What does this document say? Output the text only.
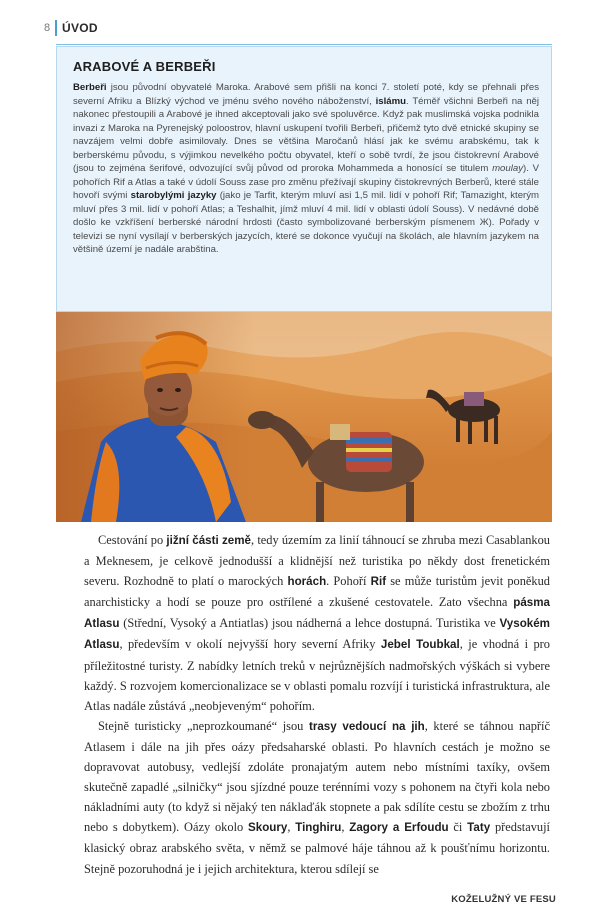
8 ÚVOD
ARABOVÉ A BERBEŘI

Berbeři jsou původní obyvatelé Maroka. Arabové sem přišli na konci 7. století poté, kdy se přehnali přes severní Afriku a Blízký východ ve jménu svého nového náboženství, islámu. Téměř všichni Berbeři na něj nakonec přestoupili a Arabové je ihned akceptovali jako své spoluvěrce. Když pak muslimská vojska podnikla invazi z Maroka na Pyrenejský poloostrov, hlavní uskupení tvořili Berbeři, přičemž tyto dvě etnické skupiny se navzájem velmi dobře asimilovaly. Dnes se většina Maročanů hlásí jak ke svému arabskému, tak k berberskému původu, s výjimkou nevelkého počtu obyvatel, kteří o sobě tvrdí, že jsou čistokrevní Arabové (jsou to zejména šerifové, odvozující svůj původ od proroka Mohammeda a honosící se titulem moulay). V pohořích Rif a Atlas a také v údolí Souss zase pro změnu přežívají skupiny čistokrevných Berberů, které stále hovoří svými starobylými jazyky (jako je Tarfit, kterým mluví asi 1,5 mil. lidí v pohoří Rif; Tamazight, kterým mluví přes 3 mil. lidí v pohoří Atlas; a Teshalhit, jímž mluví 4 mil. lidí v oblasti údolí Souss). V nedávné době došlo ke vzkříšení berberské národní hrdosti (často symbolizované berberským písmenem Ж). Pořady v televizi se nyní vysílají v berberských jazycích, které se dokonce vyučují na školách, ale hlavním jazykem na většině území je nadále arabština.

Cestování po jižní části země, tedy územím za linií táhnoucí se zhruba mezi Casablankou a Meknesem, je celkově jednodušší a klidnější než turistika po někdy dost frenetickém severu. Rozhodně to platí o marockých horách. Pohoří Rif se může turistům jevit poněkud anarchisticky a hodí se pouze pro ostřílené a zkušené cestovatele. Zato všechna pásma Atlasu (Střední, Vysoký a Antiatlas) jsou nádherná a lehce dostupná. Turistika ve Vysokém Atlasu, především v okolí nejvyšší hory severní Afriky Jebel Toubkal, je vhodná i pro příležitostné turisty. Z nabídky letních treků v nejrůznějších nadmořských výškách si vybere každý. S rozvojem komercionalizace se v oblasti pomalu rozvíjí i turistická infrastruktura, ale Atlas nadále zůstává „neobjeveným“ pohořím.

Stejně turisticky „neprozkoumané“ jsou trasy vedoucí na jih, které se táhnou napříč Atlasem i dále na jih přes oázy předsaharské oblasti. Po hlavních cestách je možno se dopravovat autobusy, vedlejší zdoláte pronajatým autem nebo místními taxíky, ovšem skutečně zapadlé „silničky“ jsou sjízdné pouze terénními vozy s pohonem na čtyři kola nebo nákladními auty (to když si nějaký ten náklaďák stopnete a pak sdílíte cestu se zbožím z trhu nebo s dobytkem). Oázy okolo Skoury, Tinghiru, Zagory a Erfoudu či Taty představují klasický obraz arabského světa, v němž se palmové háje táhnou až k poušťnímu horizontu. Stejně pozoruhodná je i jejich architektura, kterou sdílejí se

KOŽELUŽNÝ VE FESU
